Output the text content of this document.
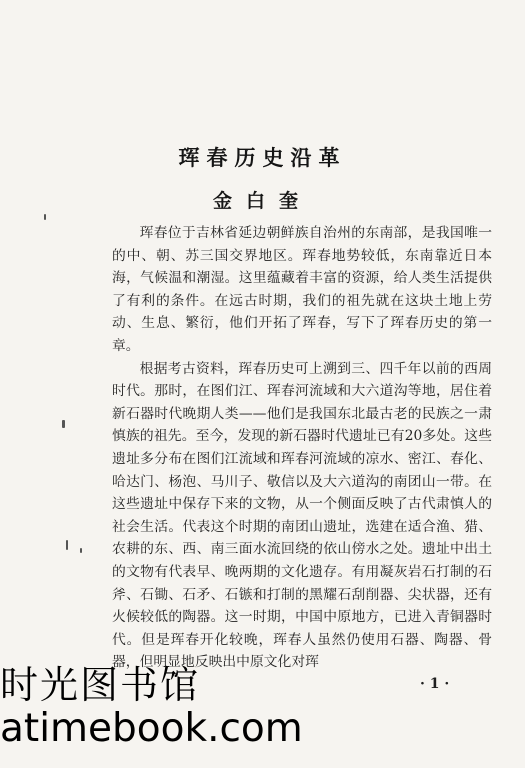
珲春历史沿革
金白奎

珲春位于吉林省延边朝鲜族自治州的东南部，是我国唯一的中、朝、苏三国交界地区。珲春地势较低，东南靠近日本海，气候温和潮湿。这里蕴藏着丰富的资源，给人类生活提供了有利的条件。在远古时期，我们的祖先就在这块土地上劳动、生息、繁衍，他们开拓了珲春，写下了珲春历史的第一章。

根据考古资料，珲春历史可上溯到三、四千年以前的西周时代。那时，在图们江、珲春河流域和大六道沟等地，居住着新石器时代晚期人类——他们是我国东北最古老的民族之一肃慎族的祖先。至今，发现的新石器时代遗址已有20多处。这些遗址多分布在图们江流域和珲春河流域的凉水、密江、春化、哈达门、杨泡、马川子、敬信以及大六道沟的南团山一带。在这些遗址中保存下来的文物，从一个侧面反映了古代肃慎人的社会生活。代表这个时期的南团山遗址，选建在适合渔、猎、农耕的东、西、南三面水流回绕的依山傍水之处。遗址中出土的文物有代表早、晚两期的文化遗存。有用凝灰岩石打制的石斧、石锄、石矛、石镞和打制的黑耀石刮削器、尖状器，还有火候较低的陶器。这一时期，中国中原地方，已进入青铜器时代。但是珲春开化较晚，珲春人虽然仍使用石器、陶器、骨器，但明显地反映出中原文化对珲

· 1 ·
时光图书馆
atimebook.com
